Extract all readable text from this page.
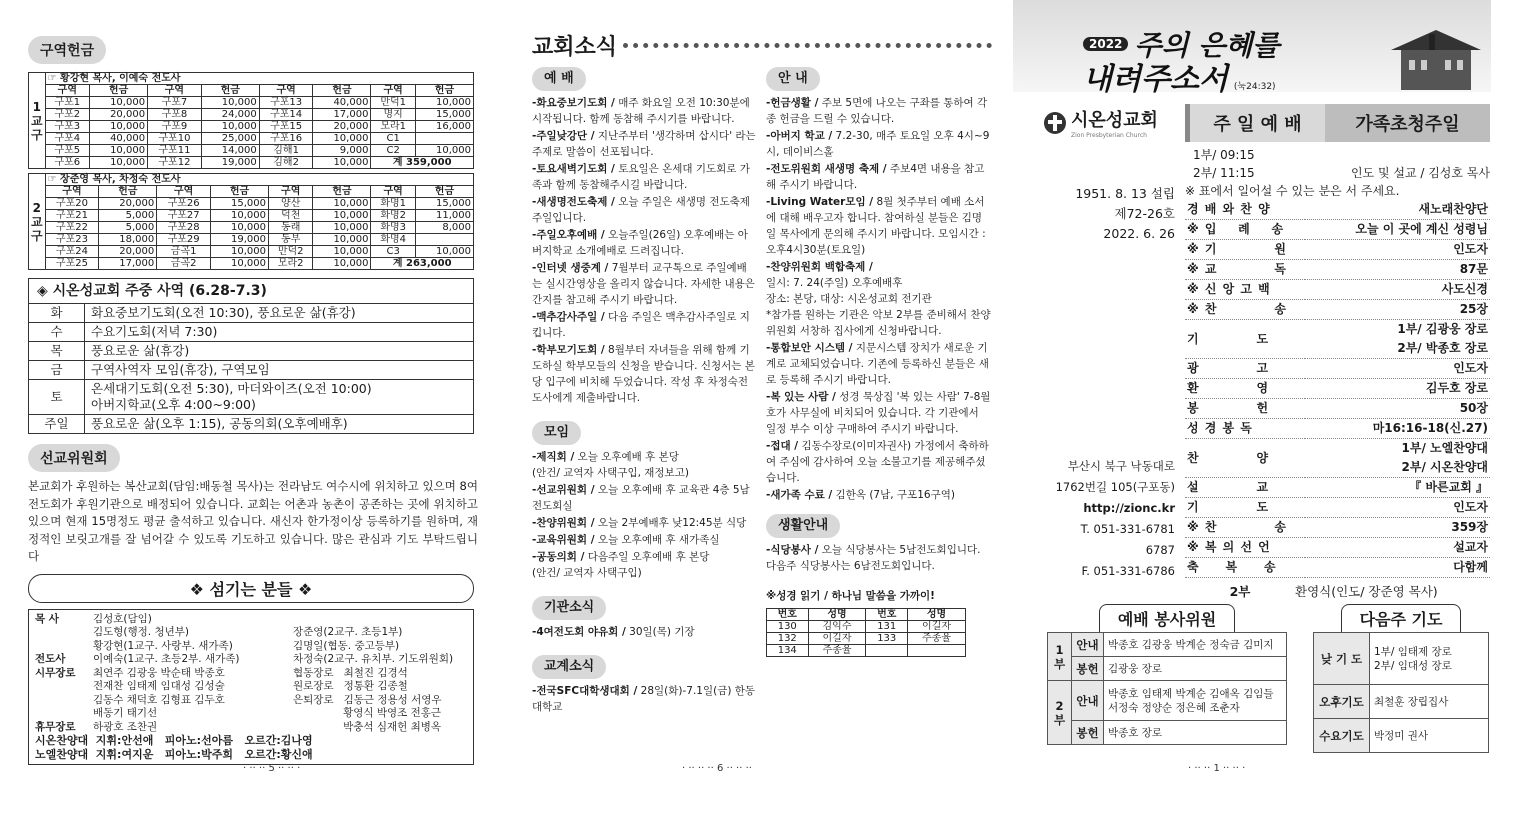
구역헌금
1
교
구	☞ 황강현 목사, 이예숙 전도사							
	구역	헌금	구역	헌금	구역	헌금	구역	헌금
	구포1	10,000	구포7	10,000	구포13	40,000	만덕1	10,000
	구포2	20,000	구포8	24,000	구포14	17,000	명지	15,000
	구포3	10,000	구포9	10,000	구포15	20,000	모라1	16,000
	구포4	40,000	구포10	25,000	구포16	10,000	C1	
	구포5	10,000	구포11	14,000	김해1	9,000	C2	10,000
	구포6	10,000	구포12	19,000	김해2	10,000	계 359,000	
2
교
구	☞ 장준영 목사, 차정숙 전도사							
	구역	헌금	구역	헌금	구역	헌금	구역	헌금
	구포20	20,000	구포26	15,000	양산	10,000	화명1	15,000
	구포21	5,000	구포27	10,000	덕천	10,000	화명2	11,000
	구포22	5,000	구포28	10,000	동래	10,000	화명3	8,000
	구포23	18,000	구포29	19,000	동부	10,000	화명4	
	구포24	20,000	금곡1	10,000	만덕2	10,000	C3	10,000
	구포25	17,000	금곡2	10,000	모라2	10,000	계 263,000	
◈ 시온성교회 주중 사역 (6.28-7.3)	
화	화요중보기도회(오전 10:30), 풍요로운 삶(휴강)
수	수요기도회(저녁 7:30)
목	풍요로운 삶(휴강)
금	구역사역자 모임(휴강), 구역모임
토	온세대기도회(오전 5:30), 마더와이즈(오전 10:00)
아버지학교(오후 4:00~9:00)
주일	풍요로운 삶(오후 1:15), 공동의회(오후예배후)
선교위원회

본교회가 후원하는 복산교회(담임:배동철 목사)는 전라남도 여수시에 위치하고 있으며 8여전도회가 후원기관으로 배정되어 있습니다. 교회는 어촌과 농촌이 공존하는 곳에 위치하고 있으며 현재 15명정도 평균 출석하고 있습니다. 새신자 한가정이상 등록하기를 원하며, 재정적인 보릿고개를 잘 넘어갈 수 있도록 기도하고 있습니다. 많은 관심과 기도 부탁드립니다

❖ 섬기는 분들 ❖
목 사	김성호(담임)
김도형(행정. 청년부)	장준영(2교구. 초등1부)
황강현(1교구. 사랑부. 새가족)	김명일(협동. 중고등부)
전도사	이예숙(1교구. 초등2부. 새가족)	차정숙(2교구. 유치부. 기도위원회)
시무장로	최연주 김광웅 박순태 박종호	협동장로   최철진 김경석
전재찬 임태제 임대성 김성술	원로장로   정통환 김종철
김동수 채덕호 김형표 김두호	은퇴장로   김동근 정용성 서영우
배동기 태기선	황영식 박영조 전홍근
휴무장로	하광호 조찬권	박충석 심재헌 최병옥
시온찬양대  지휘:안선애   피아노:선아름   오르간:김나영
노엘찬양대  지휘:여지운   피아노:박주희   오르간:황신애
· ·· ·· 5 ·· ·· ·
교회소식
예 배

-화요중보기도회 / 매주 화요일 오전 10:30분에 시작됩니다. 함께 동참해 주시기를 바랍니다.

-주일낮강단 / 지난주부터 '생각하며 삽시다' 라는 주제로 말씀이 선포됩니다.

-토요새벽기도회 / 토요일은 온세대 기도회로 가족과 함께 동참해주시길 바랍니다.

-새생명전도축제 / 오늘 주일은 새생명 전도축제주일입니다.

-주일오후예배 / 오늘주일(26일) 오후예배는 아버지학교 소개예배로 드려집니다.

-인터넷 생중계 / 7월부터 교구톡으로 주일예배는 실시간영상을 올리지 않습니다. 자세한 내용은 간지를 참고해 주시기 바랍니다.

-맥추감사주일 / 다음 주일은 맥추감사주일로 지킵니다.

-학부모기도회 / 8월부터 자녀들을 위해 함께 기도하실 학부모들의 신청을 받습니다. 신청서는 본당 입구에 비치해 두었습니다. 작성 후 차정숙전도사에게 제출바랍니다.

모임

-제직회 / 오늘 오후예배 후 본당
(안건/ 교역자 사택구입, 재정보고)

-선교위원회 / 오늘 오후예배 후 교육관 4층 5남전도회실

-찬양위원회 / 오늘 2부예배후 낮12:45분 식당

-교육위원회 / 오늘 오후예배 후 새가족실

-공동의회 / 다음주일 오후예배 후 본당
(안건/ 교역자 사택구입)

기관소식

-4여전도회 야유회 / 30일(목) 기장

교계소식

-전국SFC대학생대회 / 28일(화)-7.1일(금) 한동대학교

안 내

-헌금생활 / 주보 5면에 나오는 구좌를 통하여 각종 헌금을 드릴 수 있습니다.

-아버지 학교 / 7.2-30, 매주 토요일 오후 4시~9시, 데이비스홀

-전도위원회 새생명 축제 / 주보4면 내용을 참고해 주시기 바랍니다.

-Living Water모임 / 8월 첫주부터 예배 소서에 대해 배우고자 합니다. 참여하실 분들은 김명일 목사에게 문의해 주시기 바랍니다. 모임시간 : 오후4시30분(토요일)

-찬양위원회 백합축제 /
일시: 7. 24(주일) 오후예배후
장소: 본당, 대상: 시온성교회 전기관
*참가를 원하는 기관은 악보 2부를 준비해서 찬양위원회 서창하 집사에게 신청바랍니다.

-통합보안 시스템 / 지문시스템 장치가 새로운 기계로 교체되었습니다. 기존에 등록하신 분들은 새로 등록해 주시기 바랍니다.

-복 있는 사람 / 성경 묵상집 '복 있는 사람' 7-8월호가 사무실에 비치되어 있습니다. 각 기관에서 일정 부수 이상 구매하여 주시기 바랍니다.

-접대 / 김동수장로(이미자권사) 가정에서 축하하여 주심에 감사하여 오늘 소불고기를 제공해주셨습니다.

-새가족 수료 / 김한옥 (7남, 구포16구역)

생활안내

-식당봉사 / 오늘 식당봉사는 5남전도회입니다. 다음주 식당봉사는 6남전도회입니다.

※성경 읽기 / 하나님 말씀을 가까이!
번호	성명	번호	성명
130	김익수	131	이길자
132	이길자	133	주종율
134	주종율		
· ·· ·· ·· 6 ·· ·· ··
2022 주의 은혜를
내려주소서 (눅24:32)
시온성교회
Zion Presbyterian Church
1951. 8. 13 설립
제72-26호
2022. 6. 26
부산시 북구 낙동대로
1762번길 105(구포동)
http://zionc.kr
T. 051-331-6781
6787
F. 051-331-6786
주 일 예 배	가족초청주일
1부/ 09:15
2부/ 11:15	인도 및 설교 / 김성호 목사
※ 표에서 일어설 수 있는 분은 서 주세요.
경 배 와 찬 양	새노래찬양단
※ 입    례    송	오늘 이 곳에 계신 성령님
※ 기           원	인도자
※ 교           독	87문
※ 신 앙 고 백	사도신경
※ 찬           송	25장
기           도	1부/ 김광웅 장로
2부/ 박종호 장로
광           고	인도자
환           영	김두호 장로
봉           헌	50장
성 경 봉 독	마16:16-18(신.27)
찬           양	1부/ 노엘찬양대
2부/ 시온찬양대
설           교	『 바른교회 』
기           도	인도자
※ 찬           송	359장
※ 복 의 선 언	설교자
축     복     송	다함께
2부	환영식(인도/ 장준영 목사)
예배 봉사위원
1부	안내	박종호 김광웅 박계순 정숙금 김미지
	봉헌	김광웅 장로
2부	안내	박종호 임태제 박계순 김애옥 김임들
서정숙 정양순 정은혜 조춘자
	봉헌	박종호 장로
다음주 기도
낮 기 도	1부/ 임태제 장로
2부/ 임대성 장로
오후기도	최철훈 장립집사
수요기도	박정미 권사
· ·· ·· 1 ·· ·· ·
